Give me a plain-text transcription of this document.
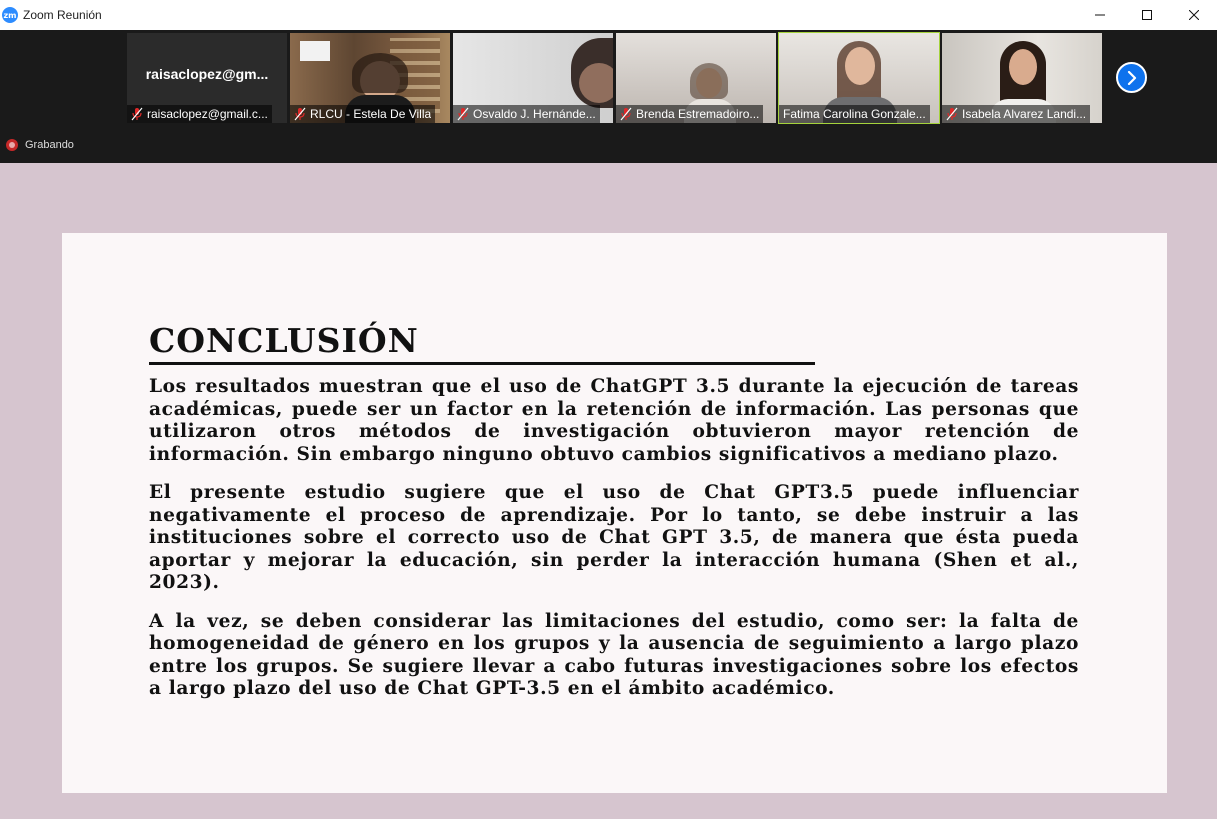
zm Zoom Reunión
raisaclopez@gm...
raisaclopez@gmail.c...	RLCU - Estela De Villa	Osvaldo J. Hernánde...	Brenda Estremadoiro... Fatima Carolina Gonzale...	Isabela Alvarez Landi...
Grabando
CONCLUSIÓN

Los resultados muestran que el uso de ChatGPT 3.5 durante la ejecución de tareas académicas, puede ser un factor en la retención de información. Las personas que utilizaron otros métodos de investigación obtuvieron mayor retención de información. Sin embargo ninguno obtuvo cambios significativos a mediano plazo.

El presente estudio sugiere que el uso de Chat GPT3.5 puede influenciar negativamente el proceso de aprendizaje. Por lo tanto, se debe instruir a las instituciones sobre el correcto uso de Chat GPT 3.5, de manera que ésta pueda aportar y mejorar la educación, sin perder la interacción humana (Shen et al., 2023).

A la vez, se deben considerar las limitaciones del estudio, como ser: la falta de homogeneidad de género en los grupos y la ausencia de seguimiento a largo plazo entre los grupos. Se sugiere llevar a cabo futuras investigaciones sobre los efectos a largo plazo del uso de Chat GPT-3.5 en el ámbito académico.
